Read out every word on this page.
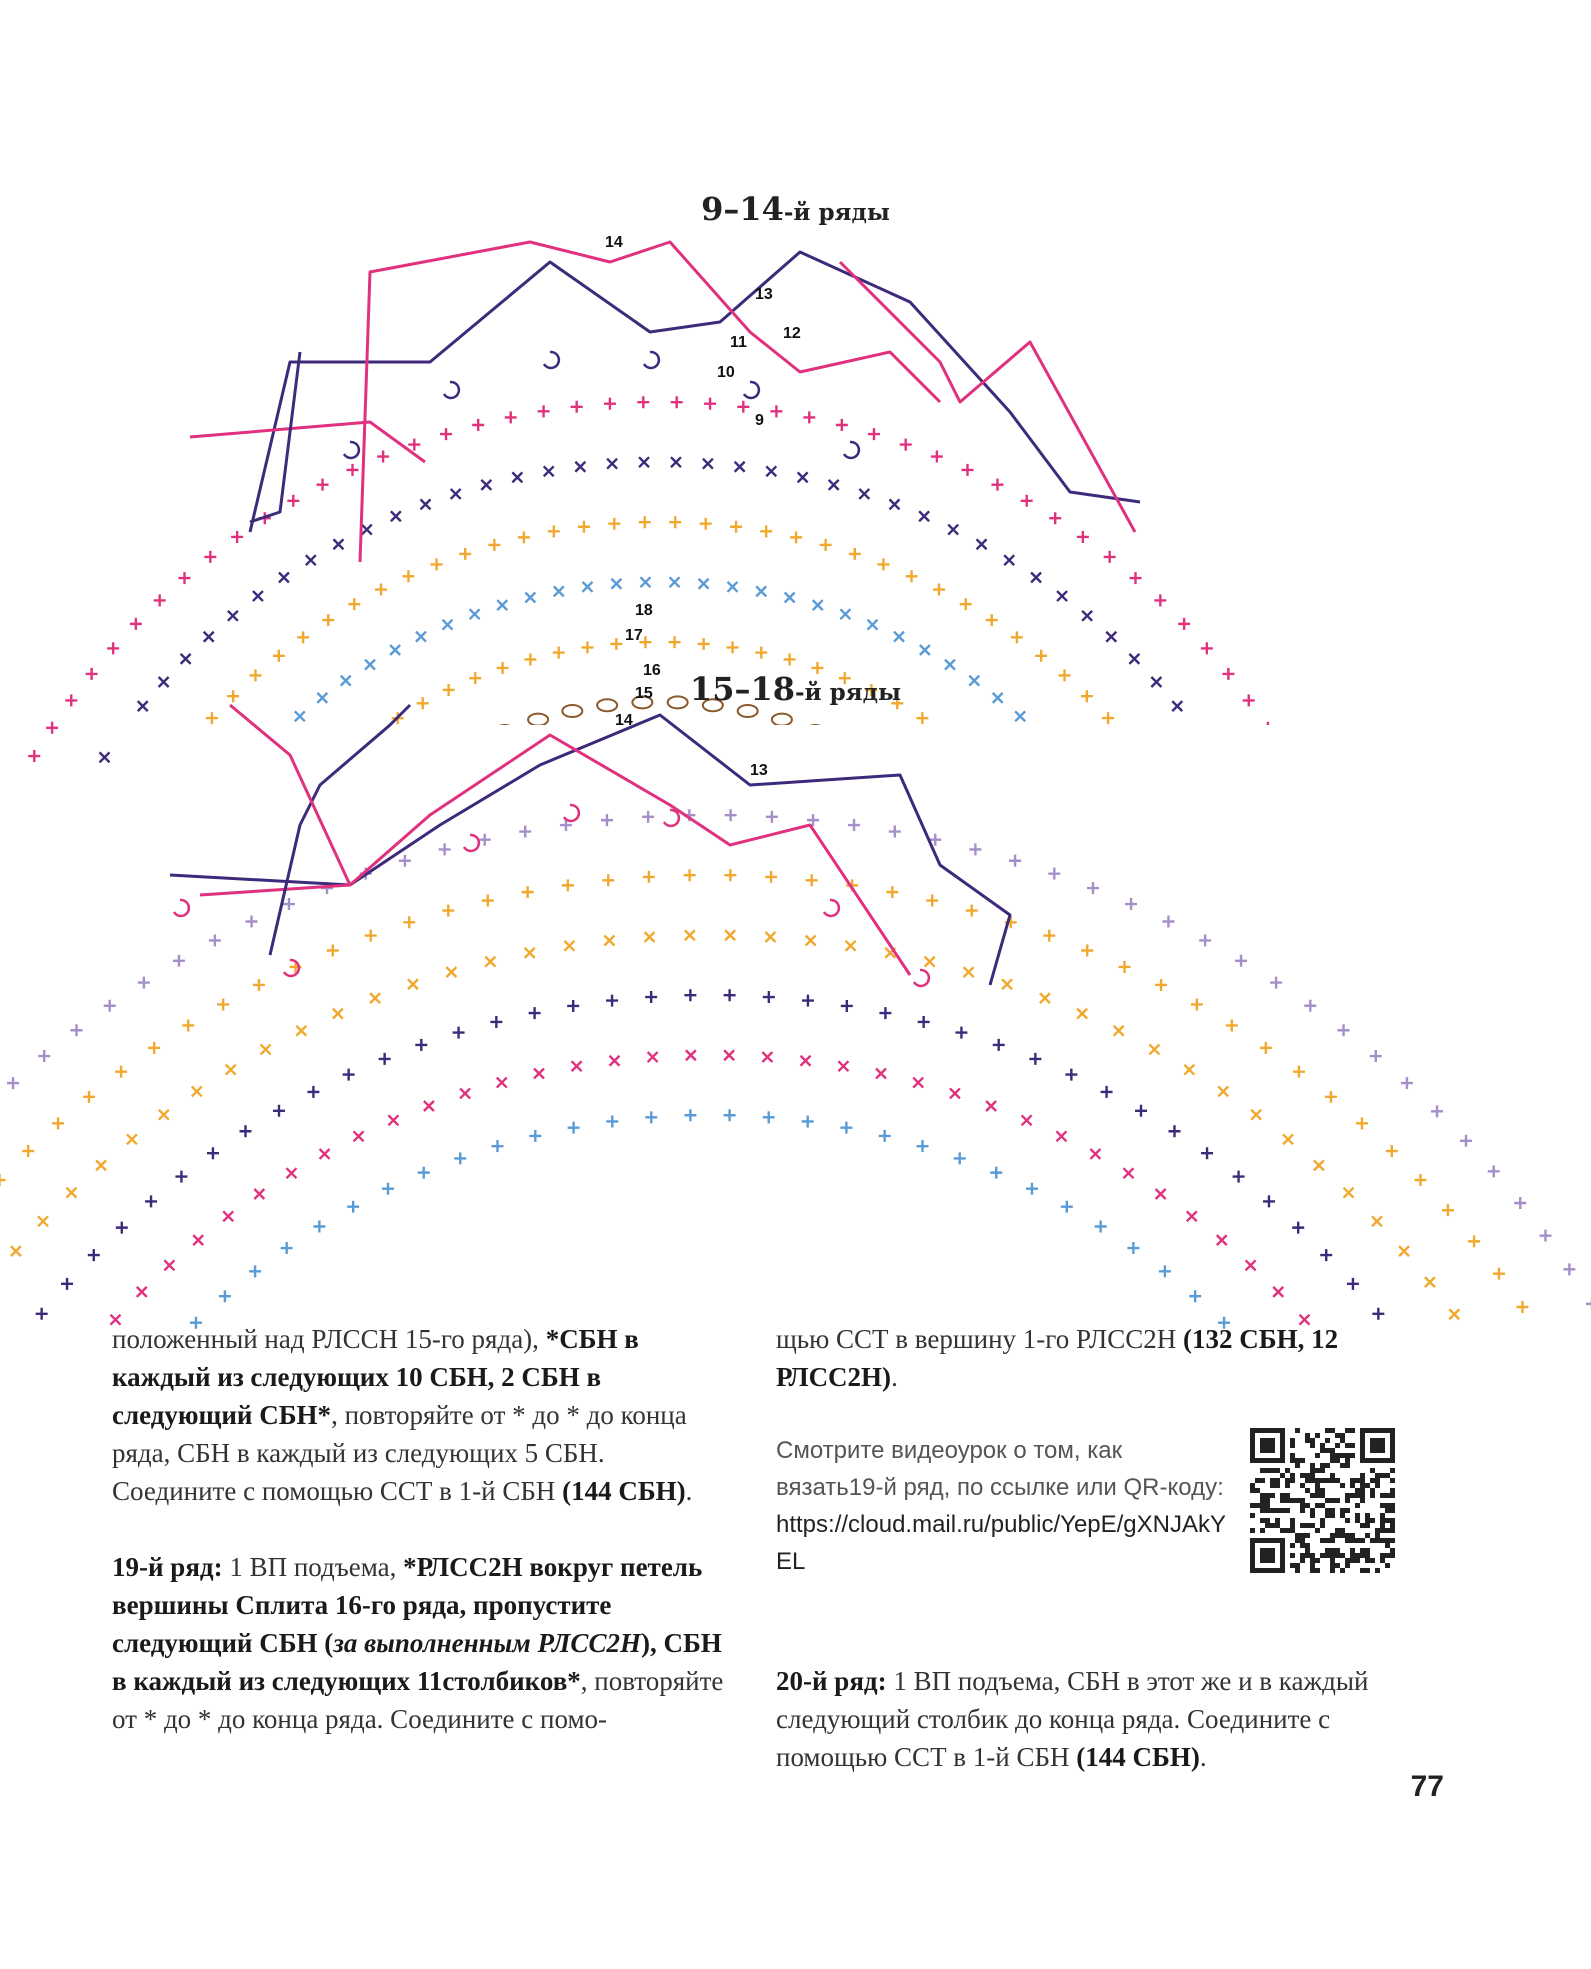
9–14-й ряды
14
13
12
11
10
9
15–18-й ряды
18
17
16
15
14
13

положенный над РЛССН 15-го ряда), *СБН в каждый из следующих 10 СБН, 2 СБН в следующий СБН*, повторяйте от * до * до конца ряда, СБН в каждый из следующих 5 СБН. Соедините с помощью ССТ в 1-й СБН (144 СБН).

19-й ряд: 1 ВП подъема, *РЛСС2Н вокруг петель вершины Сплита 16-го ряда, пропустите следующий СБН (за выполненным РЛСС2Н), СБН в каждый из следующих 11столбиков*, повторяйте от * до * до конца ряда. Соедините с помо-

щью ССТ в вершину 1-го РЛСС2Н (132 СБН, 12 РЛСС2Н).

Смотрите видеоурок о том, как вязать19-й ряд, по ссылке или QR-коду:
https://cloud.mail.ru/public/YepE/gXNJAkYEL

20-й ряд: 1 ВП подъема, СБН в этот же и в каждый следующий столбик до конца ряда. Соедините с помощью ССТ в 1-й СБН (144 СБН).

77
